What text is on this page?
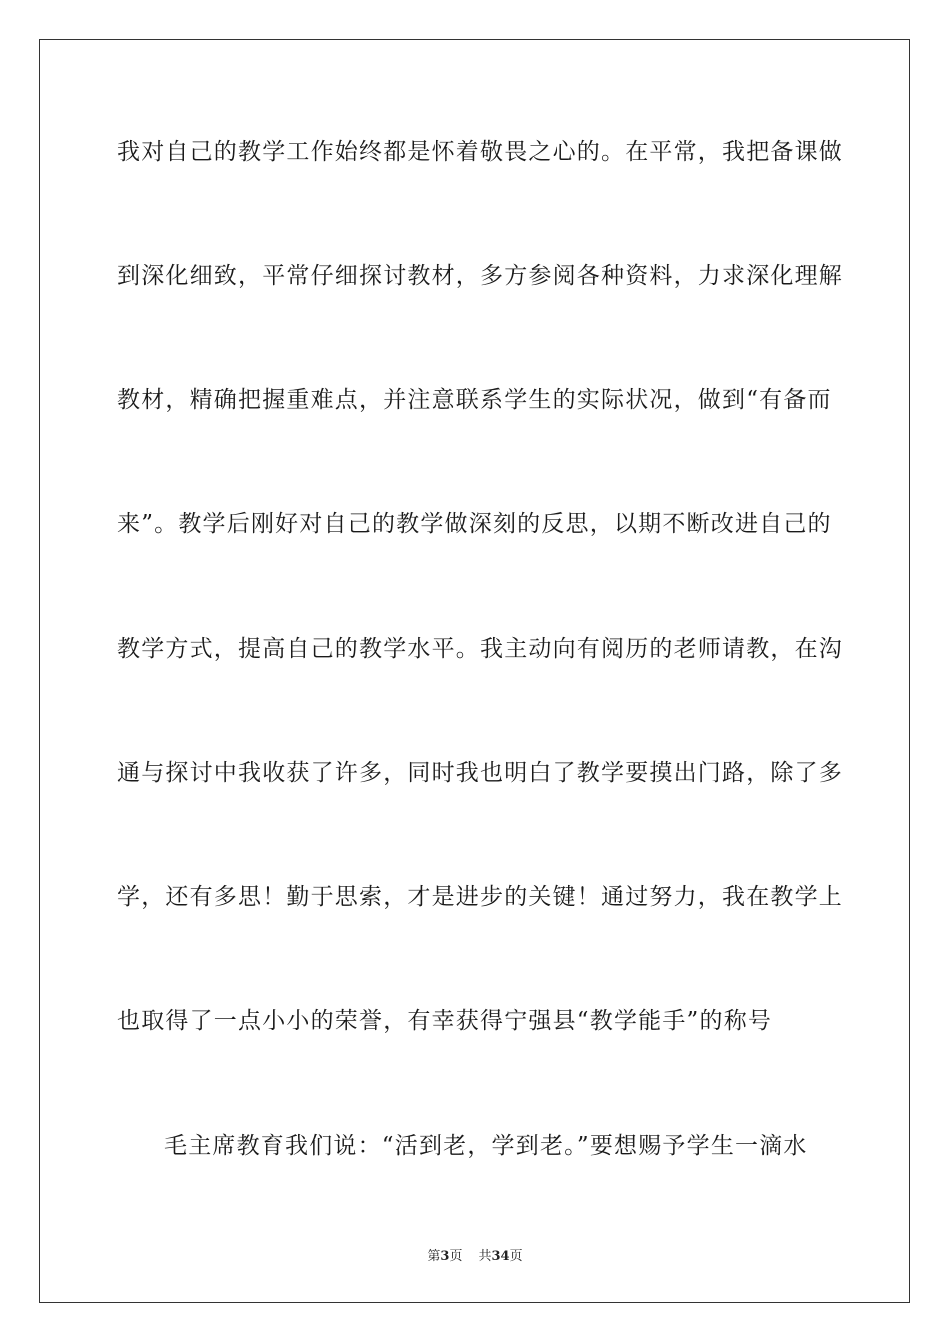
我对自己的教学工作始终都是怀着敬畏之心的。在平常，我把备课做
到深化细致，平常仔细探讨教材，多方参阅各种资料，力求深化理解
教材，精确把握重难点，并注意联系学生的实际状况，做到“有备而
来”。教学后刚好对自己的教学做深刻的反思，以期不断改进自己的
教学方式，提高自己的教学水平。我主动向有阅历的老师请教，在沟
通与探讨中我收获了许多，同时我也明白了教学要摸出门路，除了多
学，还有多思！勤于思索，才是进步的关键！通过努力，我在教学上
也取得了一点小小的荣誉，有幸获得宁强县“教学能手”的称号
毛主席教育我们说：“活到老，学到老。”要想赐予学生一滴水
第3页 共34页
